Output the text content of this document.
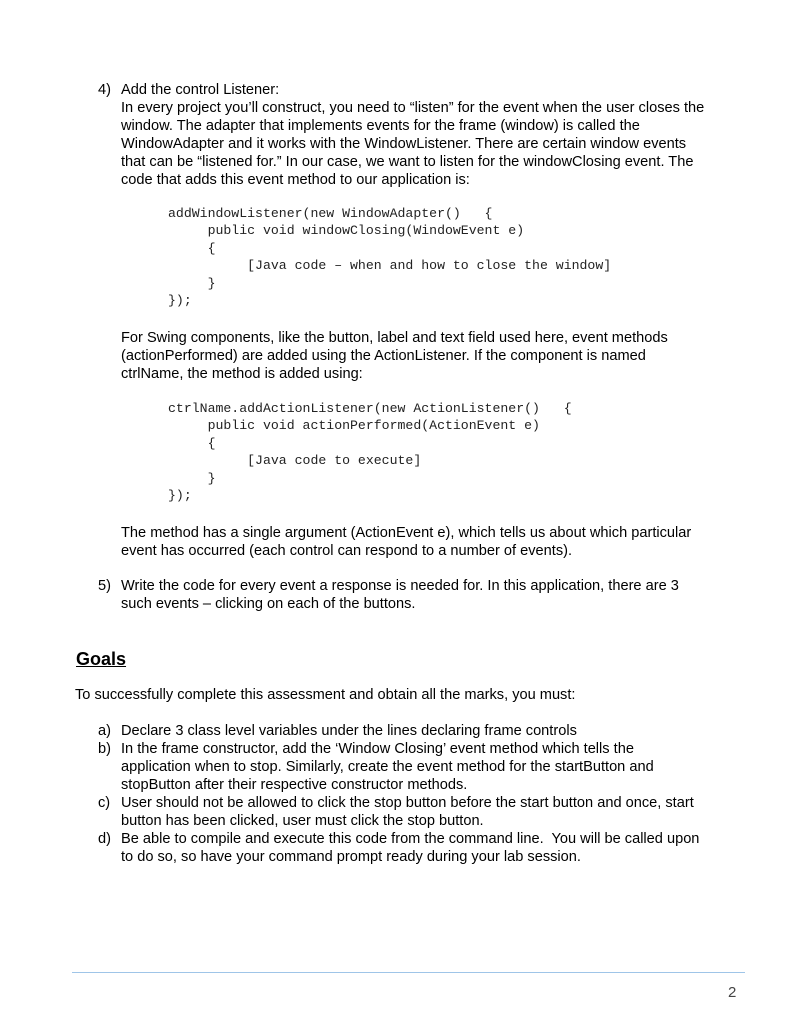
4) Add the control Listener:
In every project you’ll construct, you need to “listen” for the event when the user closes the
window. The adapter that implements events for the frame (window) is called the
WindowAdapter and it works with the WindowListener. There are certain window events
that can be “listened for.” In our case, we want to listen for the windowClosing event. The
code that adds this event method to our application is:
addWindowListener(new WindowAdapter()   {
public void windowClosing(WindowEvent e)
{
[Java code – when and how to close the window]
}
});
For Swing components, like the button, label and text field used here, event methods
(actionPerformed) are added using the ActionListener. If the component is named
ctrlName, the method is added using:
ctrlName.addActionListener(new ActionListener()   {
public void actionPerformed(ActionEvent e)
{
[Java code to execute]
}
});
The method has a single argument (ActionEvent e), which tells us about which particular
event has occurred (each control can respond to a number of events).
5) Write the code for every event a response is needed for. In this application, there are 3
such events – clicking on each of the buttons.
Goals
To successfully complete this assessment and obtain all the marks, you must:
a) Declare 3 class level variables under the lines declaring frame controls
b) In the frame constructor, add the ‘Window Closing’ event method which tells the
application when to stop. Similarly, create the event method for the startButton and
stopButton after their respective constructor methods.
c) User should not be allowed to click the stop button before the start button and once, start
button has been clicked, user must click the stop button.
d) Be able to compile and execute this code from the command line.  You will be called upon
to do so, so have your command prompt ready during your lab session.
2
